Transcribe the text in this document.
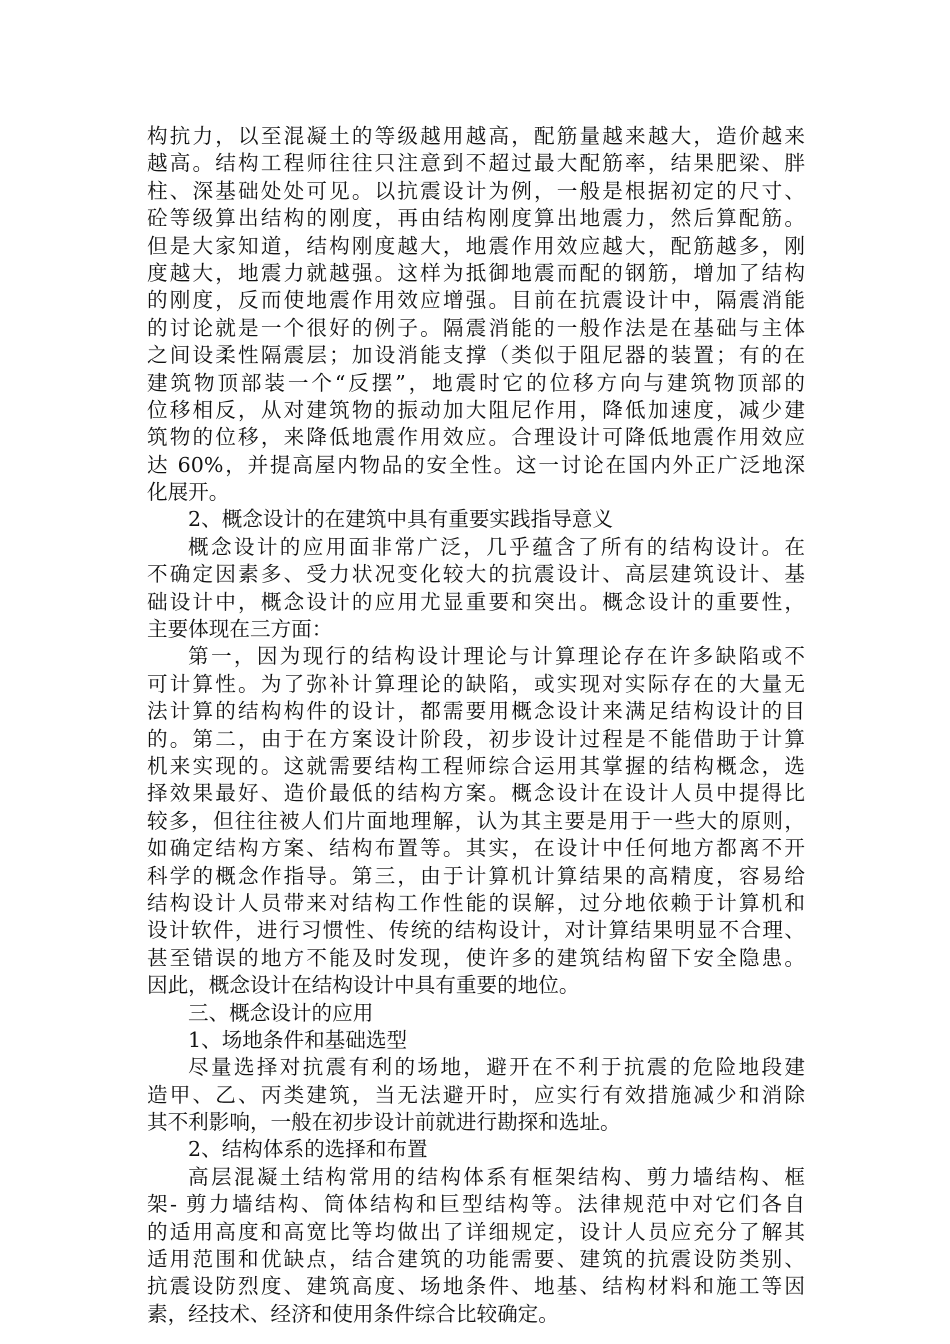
构抗力，以至混凝土的等级越用越高，配筋量越来越大，造价越来
越高。结构工程师往往只注意到不超过最大配筋率，结果肥梁、胖
柱、深基础处处可见。以抗震设计为例，一般是根据初定的尺寸、
砼等级算出结构的刚度，再由结构刚度算出地震力，然后算配筋。
但是大家知道，结构刚度越大，地震作用效应越大，配筋越多，刚
度越大，地震力就越强。这样为抵御地震而配的钢筋，增加了结构
的刚度，反而使地震作用效应增强。目前在抗震设计中，隔震消能
的讨论就是一个很好的例子。隔震消能的一般作法是在基础与主体
之间设柔性隔震层；加设消能支撑（类似于阻尼器的装置；有的在
建筑物顶部装一个“反摆”，地震时它的位移方向与建筑物顶部的
位移相反，从对建筑物的振动加大阻尼作用，降低加速度，减少建
筑物的位移，来降低地震作用效应。合理设计可降低地震作用效应
达 60%，并提高屋内物品的安全性。这一讨论在国内外正广泛地深
化展开。
2、概念设计的在建筑中具有重要实践指导意义
概念设计的应用面非常广泛，几乎蕴含了所有的结构设计。在
不确定因素多、受力状况变化较大的抗震设计、高层建筑设计、基
础设计中，概念设计的应用尤显重要和突出。概念设计的重要性，
主要体现在三方面：
第一，因为现行的结构设计理论与计算理论存在许多缺陷或不
可计算性。为了弥补计算理论的缺陷，或实现对实际存在的大量无
法计算的结构构件的设计，都需要用概念设计来满足结构设计的目
的。第二，由于在方案设计阶段，初步设计过程是不能借助于计算
机来实现的。这就需要结构工程师综合运用其掌握的结构概念，选
择效果最好、造价最低的结构方案。概念设计在设计人员中提得比
较多，但往往被人们片面地理解，认为其主要是用于一些大的原则，
如确定结构方案、结构布置等。其实，在设计中任何地方都离不开
科学的概念作指导。第三，由于计算机计算结果的高精度，容易给
结构设计人员带来对结构工作性能的误解，过分地依赖于计算机和
设计软件，进行习惯性、传统的结构设计，对计算结果明显不合理、
甚至错误的地方不能及时发现，使许多的建筑结构留下安全隐患。
因此，概念设计在结构设计中具有重要的地位。
三、概念设计的应用
1、场地条件和基础选型
尽量选择对抗震有利的场地，避开在不利于抗震的危险地段建
造甲、乙、丙类建筑，当无法避开时，应实行有效措施减少和消除
其不利影响，一般在初步设计前就进行勘探和选址。
2、结构体系的选择和布置
高层混凝土结构常用的结构体系有框架结构、剪力墙结构、框
架- 剪力墙结构、筒体结构和巨型结构等。法律规范中对它们各自
的适用高度和高宽比等均做出了详细规定，设计人员应充分了解其
适用范围和优缺点，结合建筑的功能需要、建筑的抗震设防类别、
抗震设防烈度、建筑高度、场地条件、地基、结构材料和施工等因
素，经技术、经济和使用条件综合比较确定。
